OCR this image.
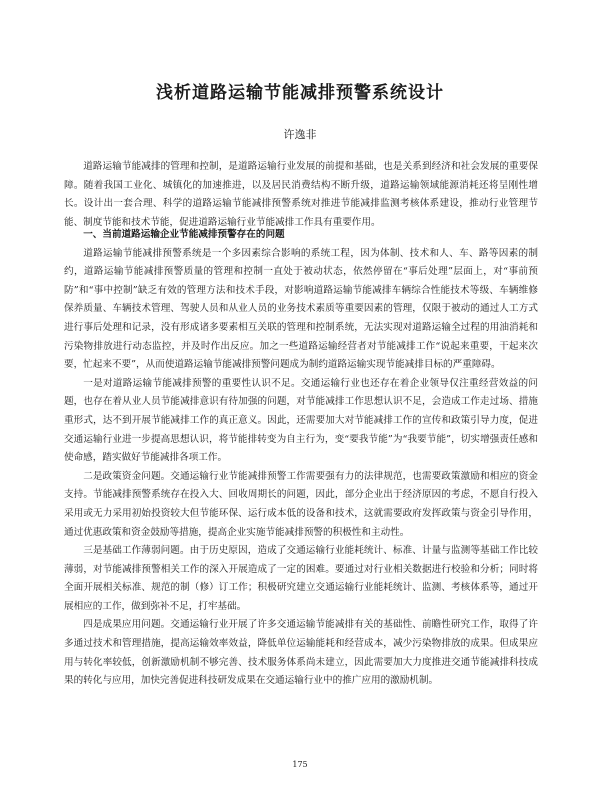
浅析道路运输节能减排预警系统设计
许逸非

道路运输节能减排的管理和控制，是道路运输行业发展的前提和基础，也是关系到经济和社会发展的重要保障。随着我国工业化、城镇化的加速推进，以及居民消费结构不断升级，道路运输领域能源消耗还将呈刚性增长。设计出一套合理、科学的道路运输节能减排预警系统对推进节能减排监测考核体系建设，推动行业管理节能、制度节能和技术节能，促进道路运输行业节能减排工作具有重要作用。

一、当前道路运输企业节能减排预警存在的问题

道路运输节能减排预警系统是一个多因素综合影响的系统工程，因为体制、技术和人、车、路等因素的制约，道路运输节能减排预警质量的管理和控制一直处于被动状态，依然停留在“事后处理”层面上，对“事前预防”和“事中控制”缺乏有效的管理方法和技术手段，对影响道路运输节能减排车辆综合性能技术等级、车辆维修保养质量、车辆技术管理、驾驶人员和从业人员的业务技术素质等重要因素的管理，仅限于被动的通过人工方式进行事后处理和记录，没有形成诸多要素相互关联的管理和控制系统，无法实现对道路运输全过程的用油消耗和污染物排放进行动态监控，并及时作出反应。加之一些道路运输经营者对节能减排工作“说起来重要，干起来次要，忙起来不要”，从而使道路运输节能减排预警问题成为制约道路运输实现节能减排目标的严重障碍。

一是对道路运输节能减排预警的重要性认识不足。交通运输行业也还存在着企业领导仅注重经营效益的问题，也存在着从业人员节能减排意识有待加强的问题，对节能减排工作思想认识不足，会造成工作走过场、措施重形式，达不到开展节能减排工作的真正意义。因此，还需要加大对节能减排工作的宣传和政策引导力度，促进交通运输行业进一步提高思想认识，将节能排转变为自主行为，变“要我节能”为“我要节能”，切实增强责任感和使命感，踏实做好节能减排各项工作。

二是政策资金问题。交通运输行业节能减排预警工作需要强有力的法律规范，也需要政策激励和相应的资金支持。节能减排预警系统存在投入大、回收周期长的问题，因此，部分企业出于经济原因的考虑，不愿自行投入采用或无力采用初始投资较大但节能环保、运行成本低的设备和技术，这就需要政府发挥政策与资金引导作用，通过优惠政策和资金鼓励等措施，提高企业实施节能减排预警的积极性和主动性。

三是基础工作薄弱问题。由于历史原因，造成了交通运输行业能耗统计、标准、计量与监测等基础工作比较薄弱，对节能减排预警相关工作的深入开展造成了一定的困难。要通过对行业相关数据进行校验和分析；同时将全面开展相关标准、规范的制（修）订工作；积极研究建立交通运输行业能耗统计、监测、考核体系等，通过开展相应的工作，做到弥补不足，打牢基础。

四是成果应用问题。交通运输行业开展了许多交通运输节能减排有关的基础性、前瞻性研究工作，取得了许多通过技术和管理措施，提高运输效率效益，降低单位运输能耗和经营成本，减少污染物排放的成果。但成果应用与转化率较低，创新激励机制不够完善、技术服务体系尚未建立，因此需要加大力度推进交通节能减排科技成果的转化与应用，加快完善促进科技研发成果在交通运输行业中的推广应用的激励机制。

175
